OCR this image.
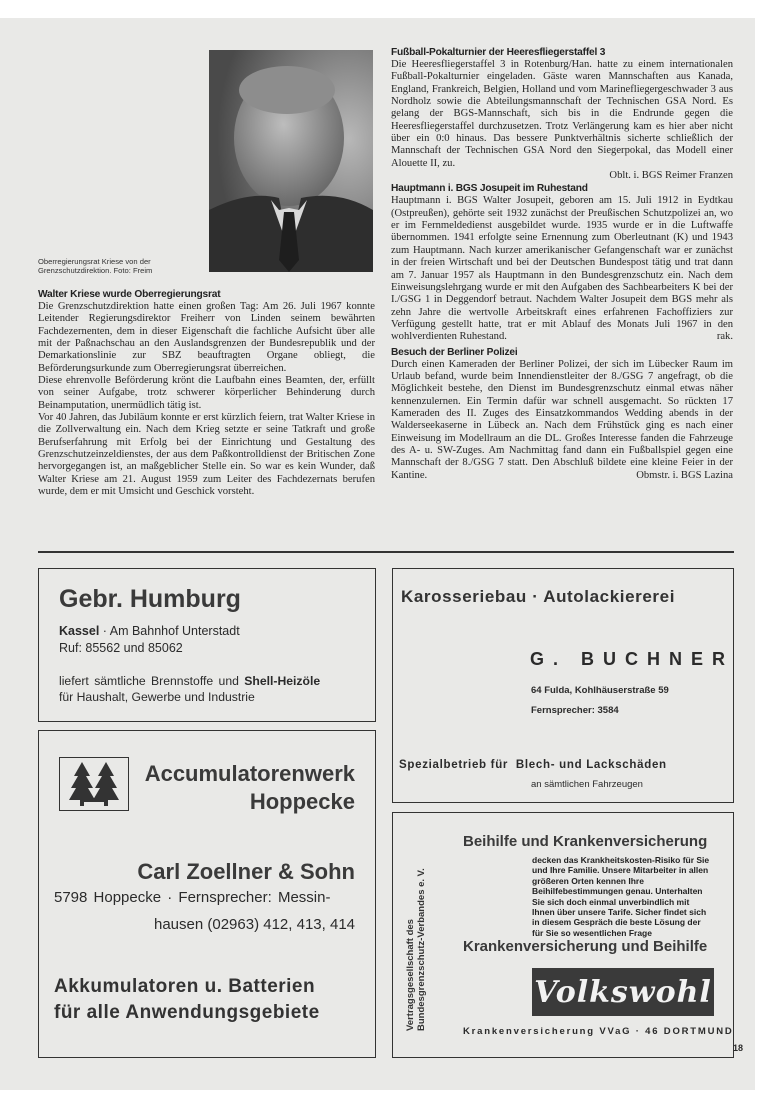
Oberregierungsrat Kriese von der Grenzschutzdirektion. Foto: Freim
Walter Kriese wurde Oberregierungsrat

Die Grenzschutzdirektion hatte einen großen Tag: Am 26. Juli 1967 konnte Leitender Regierungsdirektor Freiherr von Linden seinem bewährten Fachdezernenten, dem in dieser Eigenschaft die fachliche Aufsicht über alle mit der Paßnachschau an den Auslandsgrenzen der Bundesrepublik und der Demarkationslinie zur SBZ beauftragten Organe obliegt, die Beförderungsurkunde zum Oberregierungsrat überreichen.

Diese ehrenvolle Beförderung krönt die Laufbahn eines Beamten, der, erfüllt von seiner Aufgabe, trotz schwerer körperlicher Behinderung durch Beinamputation, unermüdlich tätig ist.

Vor 40 Jahren, das Jubiläum konnte er erst kürzlich feiern, trat Walter Kriese in die Zollverwaltung ein. Nach dem Krieg setzte er seine Tatkraft und große Berufserfahrung mit Erfolg bei der Einrichtung und Gestaltung des Grenzschutzeinzeldienstes, der aus dem Paßkontrolldienst der Britischen Zone hervorgegangen ist, an maßgeblicher Stelle ein. So war es kein Wunder, daß Walter Kriese am 21. August 1959 zum Leiter des Fachdezernats berufen wurde, dem er mit Umsicht und Geschick vorsteht.

Fußball-Pokalturnier der Heeresfliegerstaffel 3

Die Heeresfliegerstaffel 3 in Rotenburg/Han. hatte zu einem internationalen Fußball-Pokalturnier eingeladen. Gäste waren Mannschaften aus Kanada, England, Frankreich, Belgien, Holland und vom Marinefliegergeschwader 3 aus Nordholz sowie die Abteilungsmannschaft der Technischen GSA Nord. Es gelang der BGS-Mannschaft, sich bis in die Endrunde gegen die Heeresfliegerstaffel durchzusetzen. Trotz Verlängerung kam es hier aber nicht über ein 0:0 hinaus. Das bessere Punktverhältnis sicherte schließlich der Mannschaft der Technischen GSA Nord den Siegerpokal, das Modell einer Alouette II, zu.

Oblt. i. BGS Reimer Franzen

Hauptmann i. BGS Josupeit im Ruhestand

Hauptmann i. BGS Walter Josupeit, geboren am 15. Juli 1912 in Eydtkau (Ostpreußen), gehörte seit 1932 zunächst der Preußischen Schutzpolizei an, wo er im Fernmeldedienst ausgebildet wurde. 1935 wurde er in die Luftwaffe übernommen. 1941 erfolgte seine Ernennung zum Oberleutnant (K) und 1943 zum Hauptmann. Nach kurzer amerikanischer Gefangenschaft war er zunächst in der freien Wirtschaft und bei der Deutschen Bundespost tätig und trat dann am 7. Januar 1957 als Hauptmann in den Bundesgrenzschutz ein. Nach dem Einweisungslehrgang wurde er mit den Aufgaben des Sachbearbeiters K bei der I./GSG 1 in Deggendorf betraut. Nachdem Walter Josupeit dem BGS mehr als zehn Jahre die wertvolle Arbeitskraft eines erfahrenen Fachoffiziers zur Verfügung gestellt hatte, trat er mit Ablauf des Monats Juli 1967 in den wohlverdienten Ruhestand.	rak.

Besuch der Berliner Polizei

Durch einen Kameraden der Berliner Polizei, der sich im Lübecker Raum im Urlaub befand, wurde beim Innendienstleiter der 8./GSG 7 angefragt, ob die Möglichkeit bestehe, den Dienst im Bundesgrenzschutz einmal etwas näher kennenzulernen. Ein Termin dafür war schnell ausgemacht. So rückten 17 Kameraden des II. Zuges des Einsatzkommandos Wedding abends in der Walderseekaserne in Lübeck an. Nach dem Frühstück ging es nach einer Einweisung im Modellraum an die DL. Großes Interesse fanden die Fahrzeuge des A- u. SW-Zuges. Am Nachmittag fand dann ein Fußballspiel gegen eine Mannschaft der 8./GSG 7 statt. Den Abschluß bildete eine kleine Feier in der Kantine.	Obmstr. i. BGS Lazina

Gebr. Humburg
Kassel · Am Bahnhof Unterstadt
Ruf: 85562 und 85062
liefert sämtliche Brennstoffe und Shell-Heizöle
für Haushalt, Gewerbe und Industrie
Karosseriebau · Autolackiererei
G. BUCHNER
64 Fulda, Kohlhäuserstraße 59
Fernsprecher: 3584
Spezialbetrieb für Blech- und Lackschäden
an sämtlichen Fahrzeugen
Accumulatorenwerk
Hoppecke
Carl Zoellner & Sohn
5798 Hoppecke · Fernsprecher: Messin-
hausen (02963) 412, 413, 414
Akkumulatoren u. Batterien
für alle Anwendungsgebiete	Vertragsgesellschaft des Bundesgrenzschutz-Verbandes e. V.
Beihilfe und Krankenversicherung
decken das Krankheitskosten-Risiko für Sie und Ihre Familie. Unsere Mitarbeiter in allen größeren Orten kennen Ihre Beihilfebestimmungen genau. Unterhalten Sie sich doch einmal unverbindlich mit Ihnen über unsere Tarife. Sicher findet sich in diesem Gespräch die beste Lösung der für Sie so wesentlichen Frage
Krankenversicherung und Beihilfe
Volkswohl
Krankenversicherung VVaG · 46 DORTMUND
18
